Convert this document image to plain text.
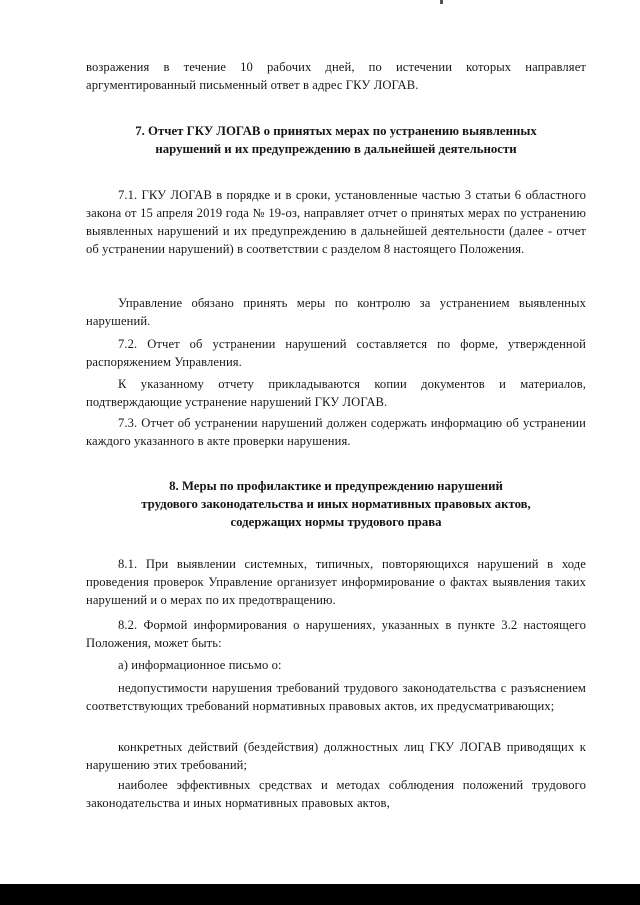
возражения в течение 10 рабочих дней, по истечении которых направляет аргументированный письменный ответ в адрес ГКУ ЛОГАВ.
7. Отчет ГКУ ЛОГАВ о принятых мерах по устранению выявленных
нарушений и их предупреждению в дальнейшей деятельности
7.1. ГКУ ЛОГАВ в порядке и в сроки, установленные частью 3 статьи 6 областного закона от 15 апреля 2019 года № 19-оз, направляет отчет о принятых мерах по устранению выявленных нарушений и их предупреждению в дальнейшей деятельности (далее - отчет об устранении нарушений) в соответствии с разделом 8 настоящего Положения.
Управление обязано принять меры по контролю за устранением выявленных нарушений.
7.2. Отчет об устранении нарушений составляется по форме, утвержденной распоряжением Управления.
К указанному отчету прикладываются копии документов и материалов, подтверждающие устранение нарушений ГКУ ЛОГАВ.
7.3. Отчет об устранении нарушений должен содержать информацию об устранении каждого указанного в акте проверки нарушения.
8. Меры по профилактике и предупреждению нарушений
трудового законодательства и иных нормативных правовых актов,
содержащих нормы трудового права
8.1. При выявлении системных, типичных, повторяющихся нарушений в ходе проведения проверок Управление организует информирование о фактах выявления таких нарушений и о мерах по их предотвращению.
8.2. Формой информирования о нарушениях, указанных в пункте 3.2 настоящего Положения, может быть:
а) информационное письмо о:
недопустимости нарушения требований трудового законодательства с разъяснением соответствующих требований нормативных правовых актов, их предусматривающих;
конкретных действий (бездействия) должностных лиц ГКУ ЛОГАВ приводящих к нарушению этих требований;
наиболее эффективных средствах и методах соблюдения положений трудового законодательства и иных нормативных правовых актов,
